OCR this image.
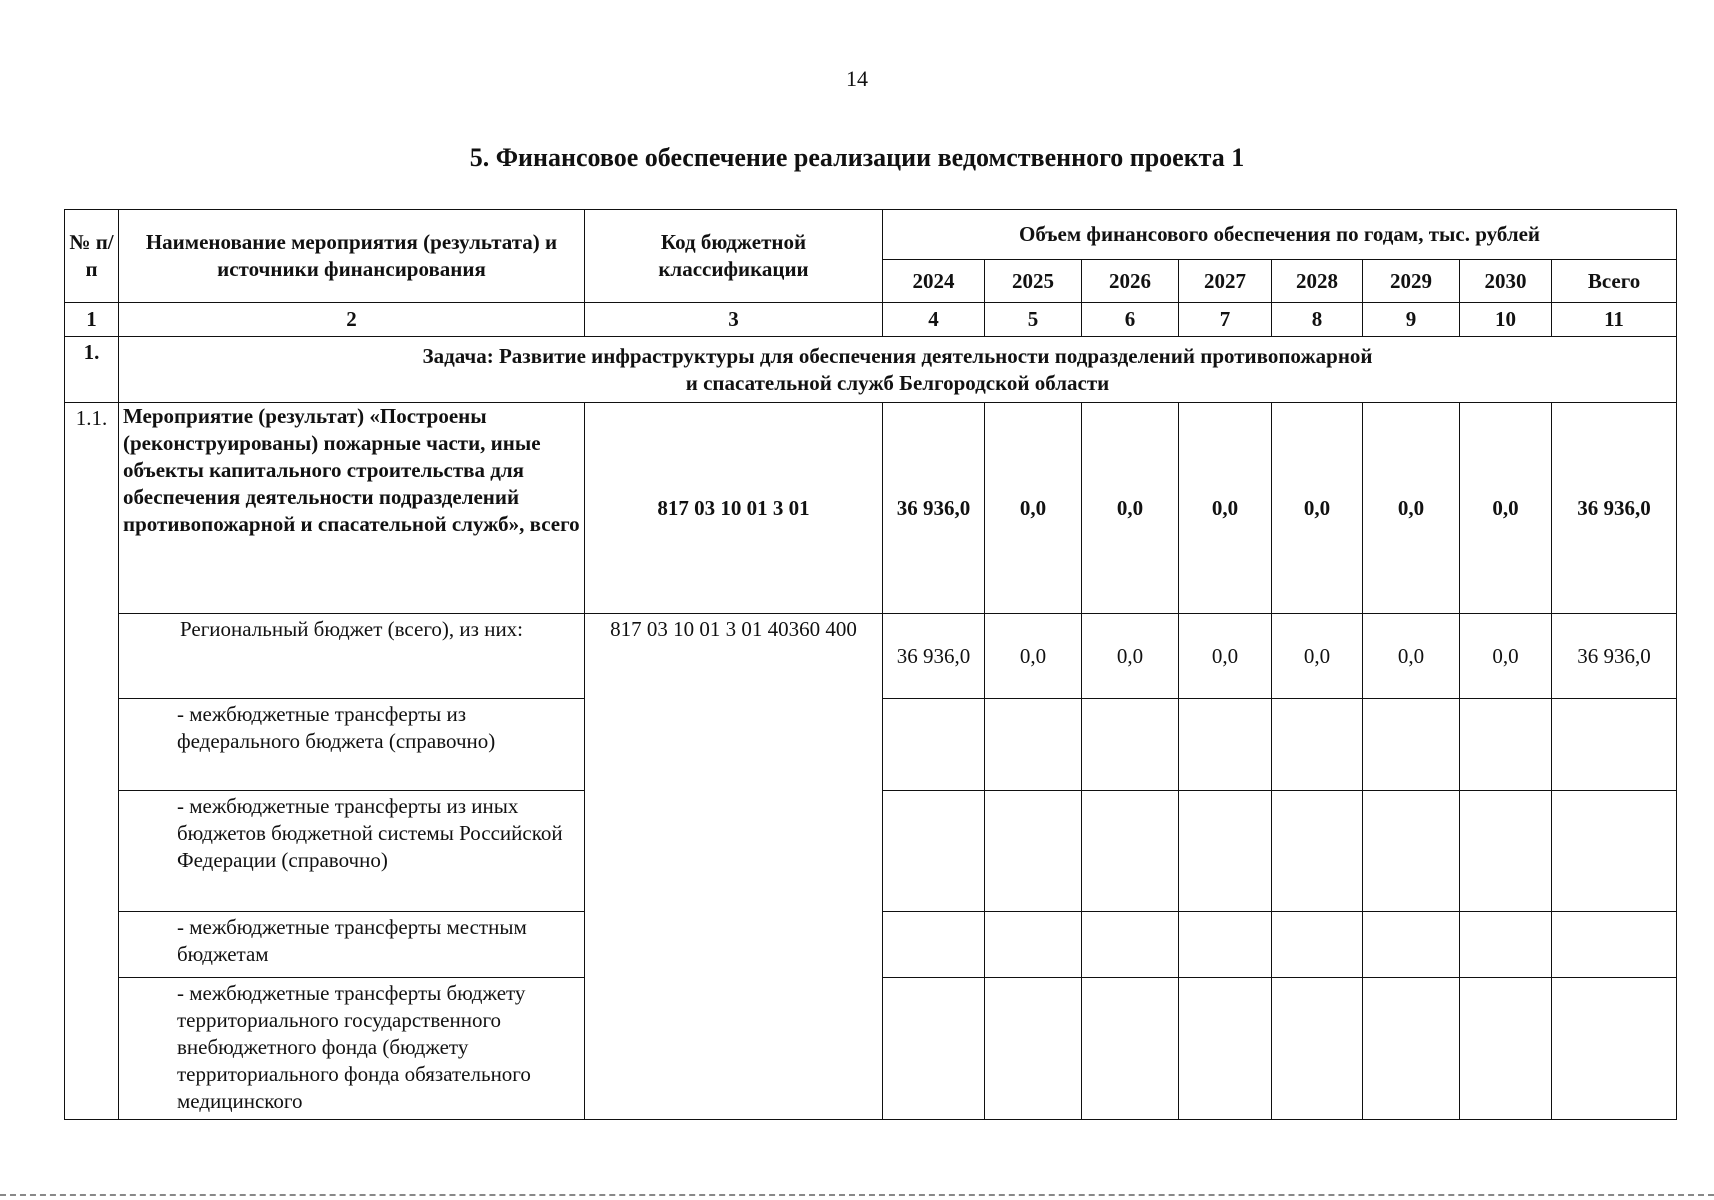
14
5. Финансовое обеспечение реализации ведомственного проекта 1
№ п/п	Наименование мероприятия (результата) и источники финансирования	Код бюджетной классификации	Объем финансового обеспечения по годам, тыс. рублей							
			2024	2025	2026	2027	2028	2029	2030	Всего
1	2	3	4	5	6	7	8	9	10	11
1.	Задача: Развитие инфраструктуры для обеспечения деятельности подразделений противопожарной
и спасательной служб Белгородской области									

1.1.	Мероприятие (результат) «Построены (реконструированы) пожарные части, иные объекты капитального строительства для обеспечения деятельности подразделений противопожарной и спасательной служб», всего	817 03 10 01 3 01	36 936,0	0,0	0,0	0,0	0,0	0,0	0,0	36 936,0
	Региональный бюджет (всего), из них:	817 03 10 01 3 01 40360 400	36 936,0	0,0	0,0	0,0	0,0	0,0	0,0	36 936,0
	- межбюджетные трансферты из федерального бюджета (справочно)									
	- межбюджетные трансферты из иных бюджетов бюджетной системы Российской Федерации (справочно)									
	- межбюджетные трансферты местным бюджетам									
	- межбюджетные трансферты бюджету территориального государственного внебюджетного фонда (бюджету территориального фонда обязательного медицинского									
